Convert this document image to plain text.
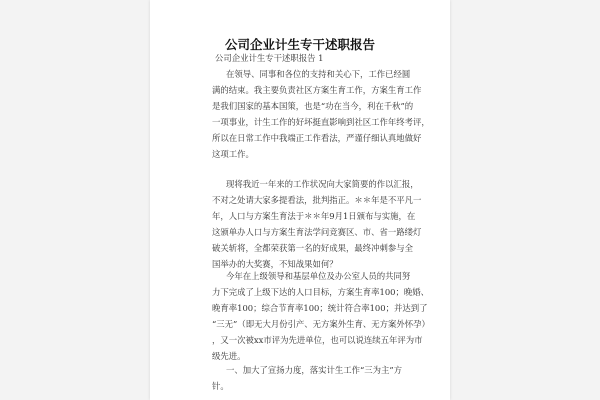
公司企业计生专干述职报告
公司企业计生专干述职报告 1
在领导、同事和各位的支持和关心下，工作已经圆
满的结束。我主要负责社区方案生育工作，方案生育工作
是我们国家的基本国策，也是“功在当今，利在千秋”的
一项事业，计生工作的好坏挺直影响到社区工作年终考评，
所以在日常工作中我端正工作看法，严谨仔细认真地做好
这项工作。
现将我近一年来的工作状况向大家简要的作以汇报，
不对之处请大家多提看法，批判指正。＊＊年是不平凡一
年，人口与方案生育法于＊＊年9月1日颁布与实施，在
这颁单办人口与方案生育法学问竞赛区、市、省一路缕灯
破关斩将，全都荣获第一名的好成果，最终冲刺参与全
国举办的大奖赛，不知战果如何？
今年在上级领导和基层单位及办公室人员的共同努
力下完成了上级下达的人口目标，方案生育率100；晚婚、
晚育率100；综合节育率100；统计符合率100；并达到了
“三无”（即无大月份引产、无方案外生育、无方案外怀孕）
，又一次被xx市评为先进单位，也可以说连续五年评为市
级先进。
一、加大了宣扬力度，落实计生工作“三为主”方
针。
